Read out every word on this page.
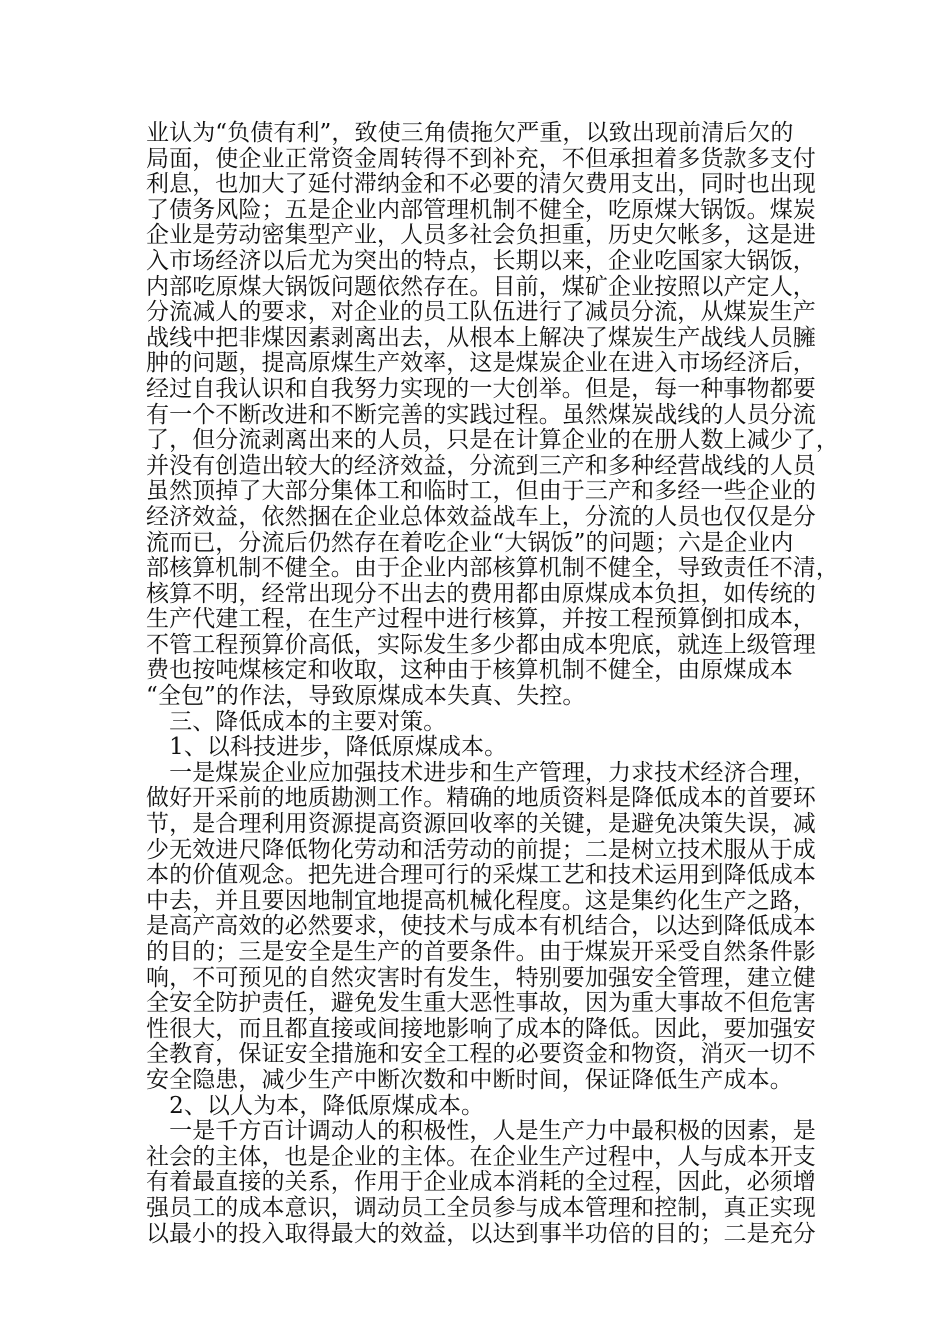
业认为“负债有利”，致使三角债拖欠严重，以致出现前清后欠的
局面，使企业正常资金周转得不到补充，不但承担着多货款多支付
利息，也加大了延付滞纳金和不必要的清欠费用支出，同时也出现
了债务风险；五是企业内部管理机制不健全，吃原煤大锅饭。煤炭
企业是劳动密集型产业，人员多社会负担重，历史欠帐多，这是进
入市场经济以后尤为突出的特点，长期以来，企业吃国家大锅饭，
内部吃原煤大锅饭问题依然存在。目前，煤矿企业按照以产定人，
分流减人的要求，对企业的员工队伍进行了减员分流，从煤炭生产
战线中把非煤因素剥离出去，从根本上解决了煤炭生产战线人员臃
肿的问题，提高原煤生产效率，这是煤炭企业在进入市场经济后，
经过自我认识和自我努力实现的一大创举。但是，每一种事物都要
有一个不断改进和不断完善的实践过程。虽然煤炭战线的人员分流
了，但分流剥离出来的人员，只是在计算企业的在册人数上减少了，
并没有创造出较大的经济效益，分流到三产和多种经营战线的人员
虽然顶掉了大部分集体工和临时工，但由于三产和多经一些企业的
经济效益，依然捆在企业总体效益战车上，分流的人员也仅仅是分
流而已，分流后仍然存在着吃企业“大锅饭”的问题；六是企业内
部核算机制不健全。由于企业内部核算机制不健全，导致责任不清，
核算不明，经常出现分不出去的费用都由原煤成本负担，如传统的
生产代建工程，在生产过程中进行核算，并按工程预算倒扣成本，
不管工程预算价高低，实际发生多少都由成本兜底，就连上级管理
费也按吨煤核定和收取，这种由于核算机制不健全，由原煤成本
“全包”的作法，导致原煤成本失真、失控。
　三、降低成本的主要对策。
　1、以科技进步，降低原煤成本。
　一是煤炭企业应加强技术进步和生产管理，力求技术经济合理，
做好开采前的地质勘测工作。精确的地质资料是降低成本的首要环
节，是合理利用资源提高资源回收率的关键，是避免决策失误，减
少无效进尺降低物化劳动和活劳动的前提；二是树立技术服从于成
本的价值观念。把先进合理可行的采煤工艺和技术运用到降低成本
中去，并且要因地制宜地提高机械化程度。这是集约化生产之路，
是高产高效的必然要求，使技术与成本有机结合，以达到降低成本
的目的；三是安全是生产的首要条件。由于煤炭开采受自然条件影
响，不可预见的自然灾害时有发生，特别要加强安全管理，建立健
全安全防护责任，避免发生重大恶性事故，因为重大事故不但危害
性很大，而且都直接或间接地影响了成本的降低。因此，要加强安
全教育，保证安全措施和安全工程的必要资金和物资，消灭一切不
安全隐患，减少生产中断次数和中断时间，保证降低生产成本。
　2、以人为本，降低原煤成本。
　一是千方百计调动人的积极性，人是生产力中最积极的因素，是
社会的主体，也是企业的主体。在企业生产过程中，人与成本开支
有着最直接的关系，作用于企业成本消耗的全过程，因此，必须增
强员工的成本意识，调动员工全员参与成本管理和控制，真正实现
以最小的投入取得最大的效益，以达到事半功倍的目的；二是充分
